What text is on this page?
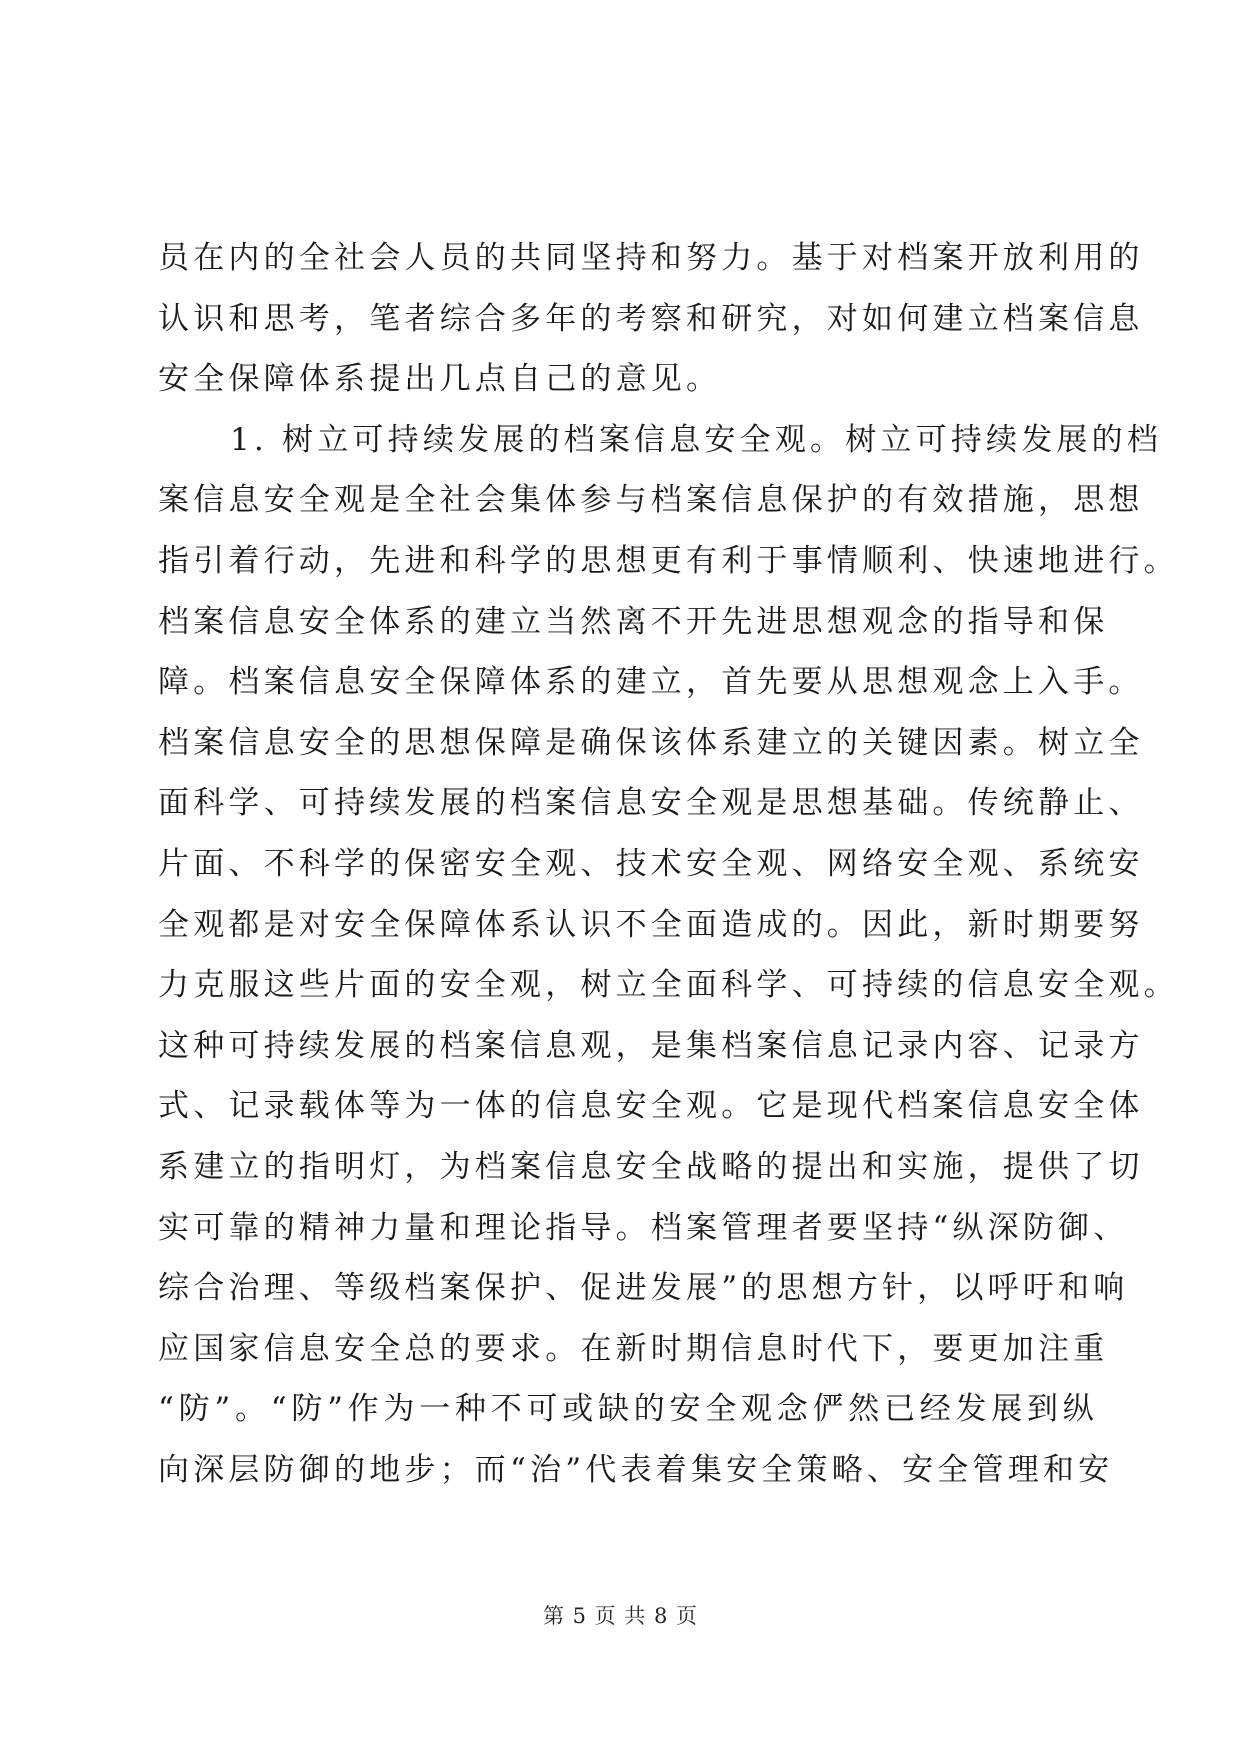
员在内的全社会人员的共同坚持和努力。基于对档案开放利用的
认识和思考，笔者综合多年的考察和研究，对如何建立档案信息
安全保障体系提出几点自己的意见。
1. 树立可持续发展的档案信息安全观。树立可持续发展的档
案信息安全观是全社会集体参与档案信息保护的有效措施，思想
指引着行动，先进和科学的思想更有利于事情顺利、快速地进行。
档案信息安全体系的建立当然离不开先进思想观念的指导和保
障。档案信息安全保障体系的建立，首先要从思想观念上入手。
档案信息安全的思想保障是确保该体系建立的关键因素。树立全
面科学、可持续发展的档案信息安全观是思想基础。传统静止、
片面、不科学的保密安全观、技术安全观、网络安全观、系统安
全观都是对安全保障体系认识不全面造成的。因此，新时期要努
力克服这些片面的安全观，树立全面科学、可持续的信息安全观。
这种可持续发展的档案信息观，是集档案信息记录内容、记录方
式、记录载体等为一体的信息安全观。它是现代档案信息安全体
系建立的指明灯，为档案信息安全战略的提出和实施，提供了切
实可靠的精神力量和理论指导。档案管理者要坚持“纵深防御、
综合治理、等级档案保护、促进发展”的思想方针，以呼吁和响
应国家信息安全总的要求。在新时期信息时代下，要更加注重
“防”。“防”作为一种不可或缺的安全观念俨然已经发展到纵
向深层防御的地步；而“治”代表着集安全策略、安全管理和安
第 5 页 共 8 页
